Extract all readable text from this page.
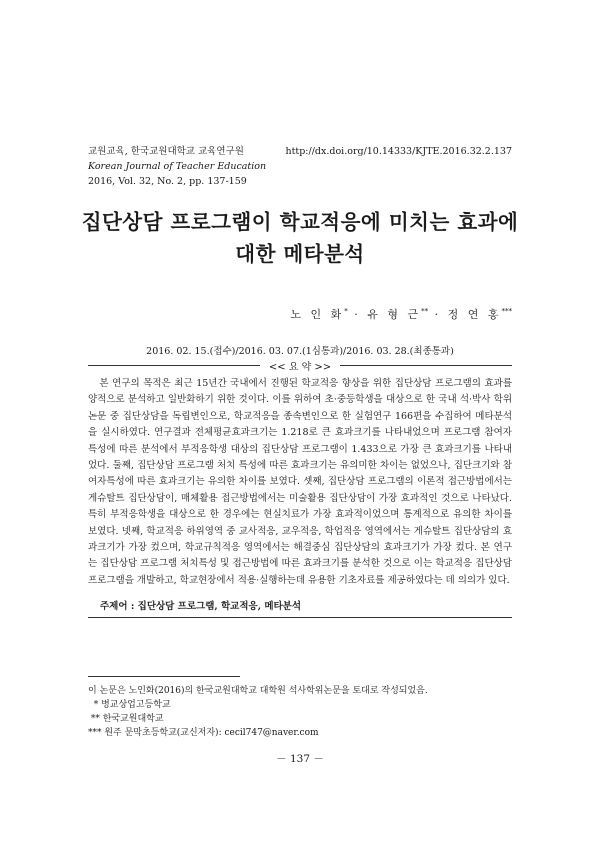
교원교육, 한국교원대학교 교육연구원
Korean Journal of Teacher Education
2016, Vol. 32, No. 2, pp. 137-159
http://dx.doi.org/10.14333/KJTE.2016.32.2.137
집단상담 프로그램이 학교적응에 미치는 효과에
대한 메타분석
노 인 화* · 유 형 근** · 정 연 홍***
2016. 02. 15.(접수)/2016. 03. 07.(1심통과)/2016. 03. 28.(최종통과)
<< 요 약 >>

본 연구의 목적은 최근 15년간 국내에서 진행된 학교적응 향상을 위한 집단상담 프로그램의 효과를 양적으로 분석하고 일반화하기 위한 것이다. 이를 위하여 초·중등학생을 대상으로 한 국내 석·박사 학위논문 중 집단상담을 독립변인으로, 학교적응을 종속변인으로 한 실험연구 166편을 수집하여 메타분석을 실시하였다. 연구결과 전체평균효과크기는 1.218로 큰 효과크기를 나타내었으며 프로그램 참여자 특성에 따른 분석에서 부적응학생 대상의 집단상담 프로그램이 1.433으로 가장 큰 효과크기를 나타내었다. 둘째, 집단상담 프로그램 처치 특성에 따른 효과크기는 유의미한 차이는 없었으나, 집단크기와 참여자특성에 따른 효과크기는 유의한 차이를 보였다. 셋째, 집단상담 프로그램의 이론적 접근방법에서는 게슈탈트 집단상담이, 매체활용 접근방법에서는 미술활용 집단상담이 가장 효과적인 것으로 나타났다. 특히 부적응학생을 대상으로 한 경우에는 현실치료가 가장 효과적이었으며 통계적으로 유의한 차이를 보였다. 넷째, 학교적응 하위영역 중 교사적응, 교우적응, 학업적응 영역에서는 게슈탈트 집단상담의 효과크기가 가장 컸으며, 학교규칙적응 영역에서는 해결중심 집단상담의 효과크기가 가장 컸다. 본 연구는 집단상담 프로그램 처치특성 및 접근방법에 따른 효과크기를 분석한 것으로 이는 학교적응 집단상담 프로그램을 개발하고, 학교현장에서 적용·실행하는데 유용한 기초자료를 제공하였다는 데 의의가 있다.

주제어 : 집단상담 프로그램, 학교적응, 메타분석
이 논문은 노인화(2016)의 한국교원대학교 대학원 석사학위논문을 토대로 작성되었음.
* 병교상업고등학교
** 한국교원대학교
*** 원주 문막초등학교(교신저자): cecil747@naver.com
－ 137 －
